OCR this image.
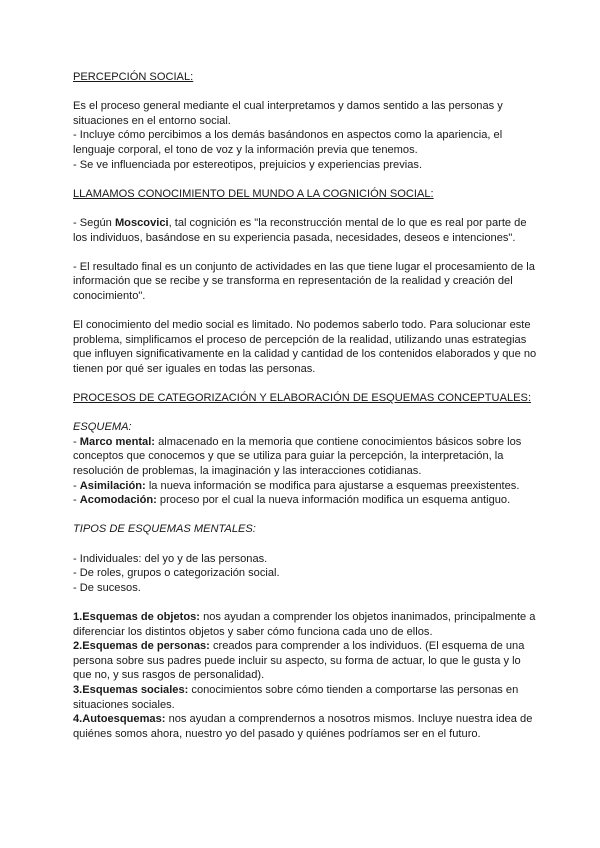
PERCEPCIÓN SOCIAL:

Es el proceso general mediante el cual interpretamos y damos sentido a las personas y situaciones en el entorno social.

- Incluye cómo percibimos a los demás basándonos en aspectos como la apariencia, el lenguaje corporal, el tono de voz y la información previa que tenemos.

- Se ve influenciada por estereotipos, prejuicios y experiencias previas.

LLAMAMOS CONOCIMIENTO DEL MUNDO A LA COGNICIÓN SOCIAL:

- Según Moscovici, tal cognición es "la reconstrucción mental de lo que es real por parte de los individuos, basándose en su experiencia pasada, necesidades, deseos e intenciones".

- El resultado final es un conjunto de actividades en las que tiene lugar el procesamiento de la información que se recibe y se transforma en representación de la realidad y creación del conocimiento".

El conocimiento del medio social es limitado. No podemos saberlo todo. Para solucionar este problema, simplificamos el proceso de percepción de la realidad, utilizando unas estrategias que influyen significativamente en la calidad y cantidad de los contenidos elaborados y que no tienen por qué ser iguales en todas las personas.

PROCESOS DE CATEGORIZACIÓN Y ELABORACIÓN DE ESQUEMAS CONCEPTUALES:

ESQUEMA:

- Marco mental: almacenado en la memoria que contiene conocimientos básicos sobre los conceptos que conocemos y que se utiliza para guiar la percepción, la interpretación, la resolución de problemas, la imaginación y las interacciones cotidianas.

- Asimilación: la nueva información se modifica para ajustarse a esquemas preexistentes.

- Acomodación: proceso por el cual la nueva información modifica un esquema antiguo.

TIPOS DE ESQUEMAS MENTALES:

- Individuales: del yo y de las personas.

- De roles, grupos o categorización social.

- De sucesos.

1.Esquemas de objetos: nos ayudan a comprender los objetos inanimados, principalmente a diferenciar los distintos objetos y saber cómo funciona cada uno de ellos.

2.Esquemas de personas: creados para comprender a los individuos. (El esquema de una persona sobre sus padres puede incluir su aspecto, su forma de actuar, lo que le gusta y lo que no, y sus rasgos de personalidad).

3.Esquemas sociales: conocimientos sobre cómo tienden a comportarse las personas en situaciones sociales.

4.Autoesquemas: nos ayudan a comprendernos a nosotros mismos. Incluye nuestra idea de quiénes somos ahora, nuestro yo del pasado y quiénes podríamos ser en el futuro.
